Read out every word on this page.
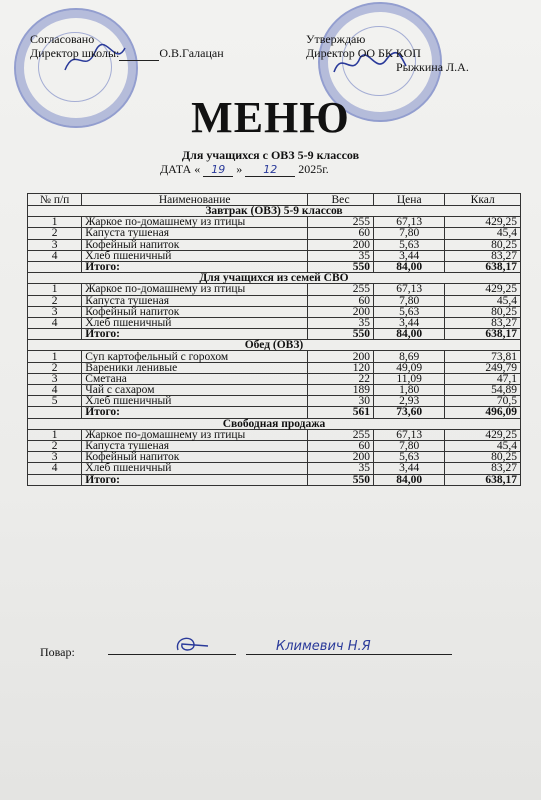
Согласовано
Директор школы:
	О.В.Галацан
Утверждаю
Директор ОО БК КОП
Рыжкина Л.А.
МЕНЮ
Для учащихся с ОВЗ 5-9 классов
ДАТА « 19 » 12 2025г.
№ п/п	Наименование	Вес	Цена	Ккал
Завтрак (ОВЗ) 5-9 классов				
1	Жаркое по-домашнему из птицы	255	67,13	429,25
2	Капуста тушеная	60	7,80	45,4
3	Кофейный напиток	200	5,63	80,25
4	Хлеб пшеничный	35	3,44	83,27
	Итого:	550	84,00	638,17
Для учащихся из семей СВО				
1	Жаркое по-домашнему из птицы	255	67,13	429,25
2	Капуста тушеная	60	7,80	45,4
3	Кофейный напиток	200	5,63	80,25
4	Хлеб пшеничный	35	3,44	83,27
	Итого:	550	84,00	638,17
Обед (ОВЗ)				
1	Суп картофельный с горохом	200	8,69	73,81
2	Вареники ленивые	120	49,09	249,79
3	Сметана	22	11,09	47,1
4	Чай с сахаром	189	1,80	54,89
5	Хлеб пшеничный	30	2,93	70,5
	Итого:	561	73,60	496,09
Свободная продажа				
1	Жаркое по-домашнему из птицы	255	67,13	429,25
2	Капуста тушеная	60	7,80	45,4
3	Кофейный напиток	200	5,63	80,25
4	Хлеб пшеничный	35	3,44	83,27
	Итого:	550	84,00	638,17
Повар:	Климевич Н.Я
